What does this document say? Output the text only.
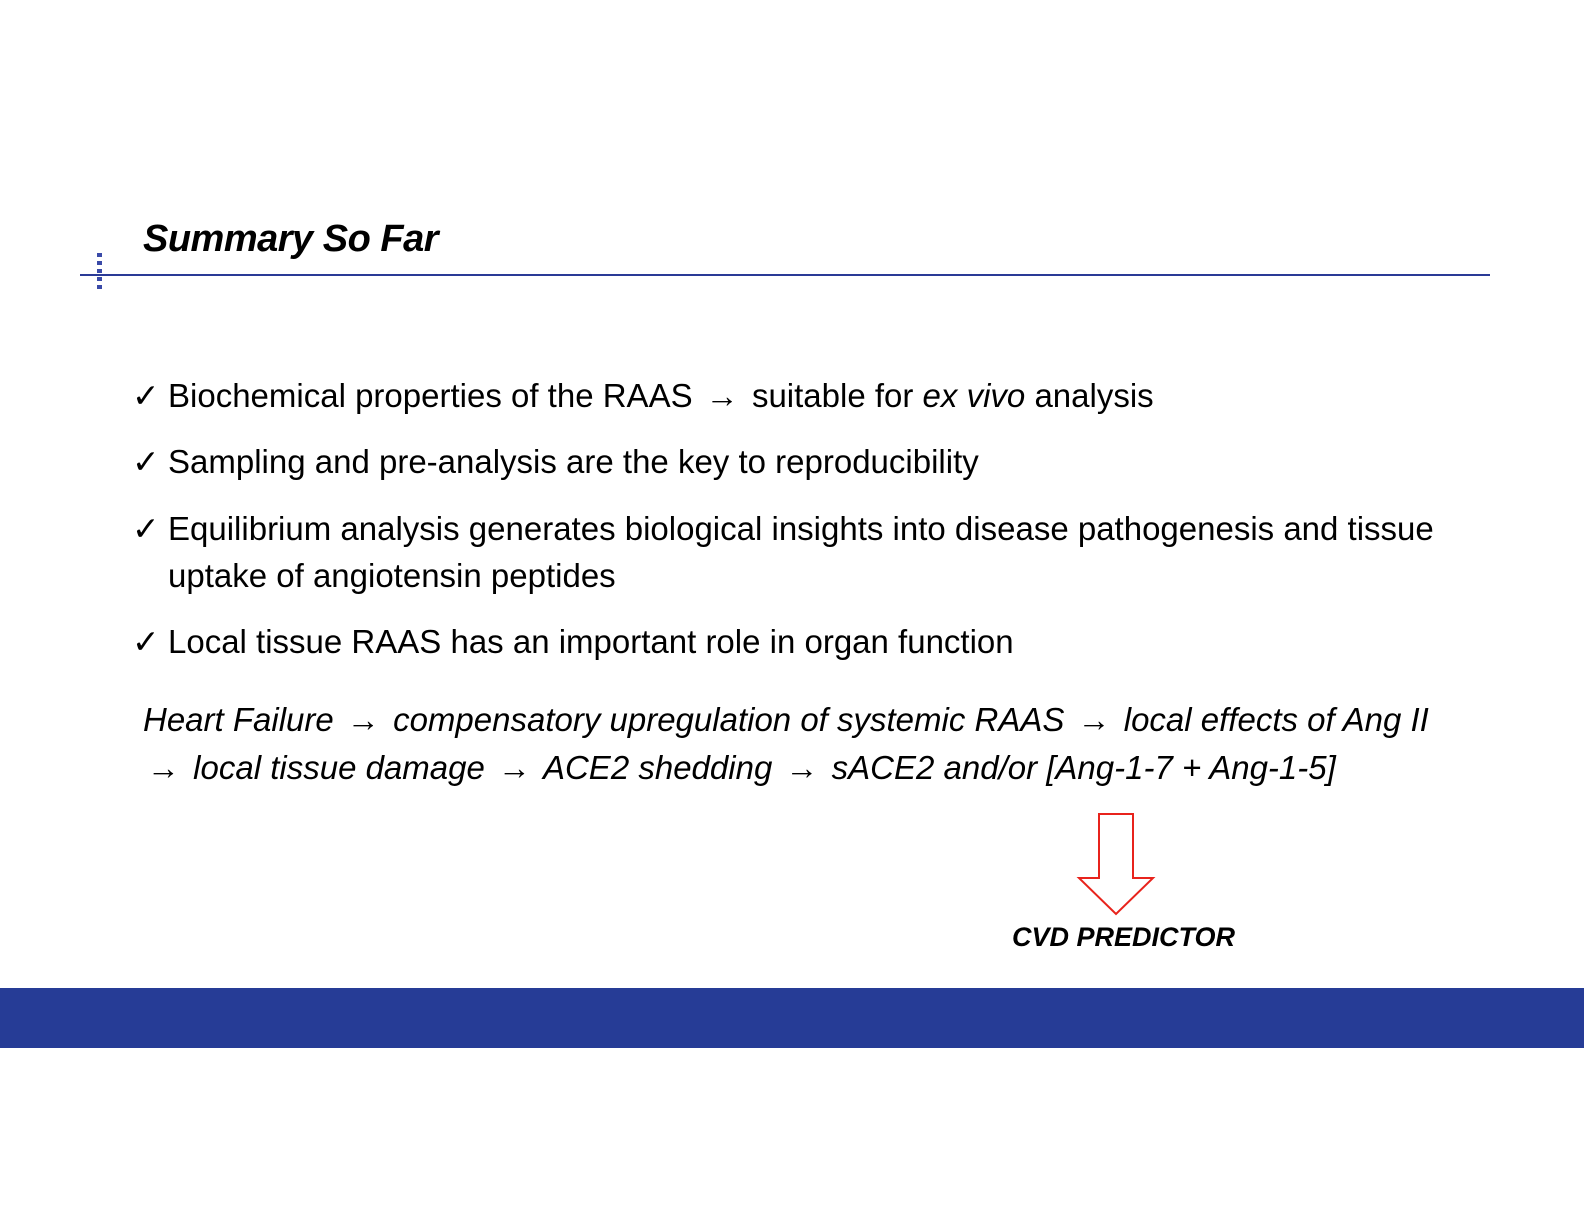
Summary So Far
✓ Biochemical properties of the RAAS → suitable for ex vivo analysis
✓ Sampling and pre-analysis are the key to reproducibility
✓ Equilibrium analysis generates biological insights into disease pathogenesis and tissue uptake of angiotensin peptides
✓ Local tissue RAAS has an important role in organ function
Heart Failure → compensatory upregulation of systemic RAAS → local effects of Ang II
→ local tissue damage → ACE2 shedding → sACE2 and/or [Ang-1-7 + Ang-1-5]
CVD PREDICTOR
